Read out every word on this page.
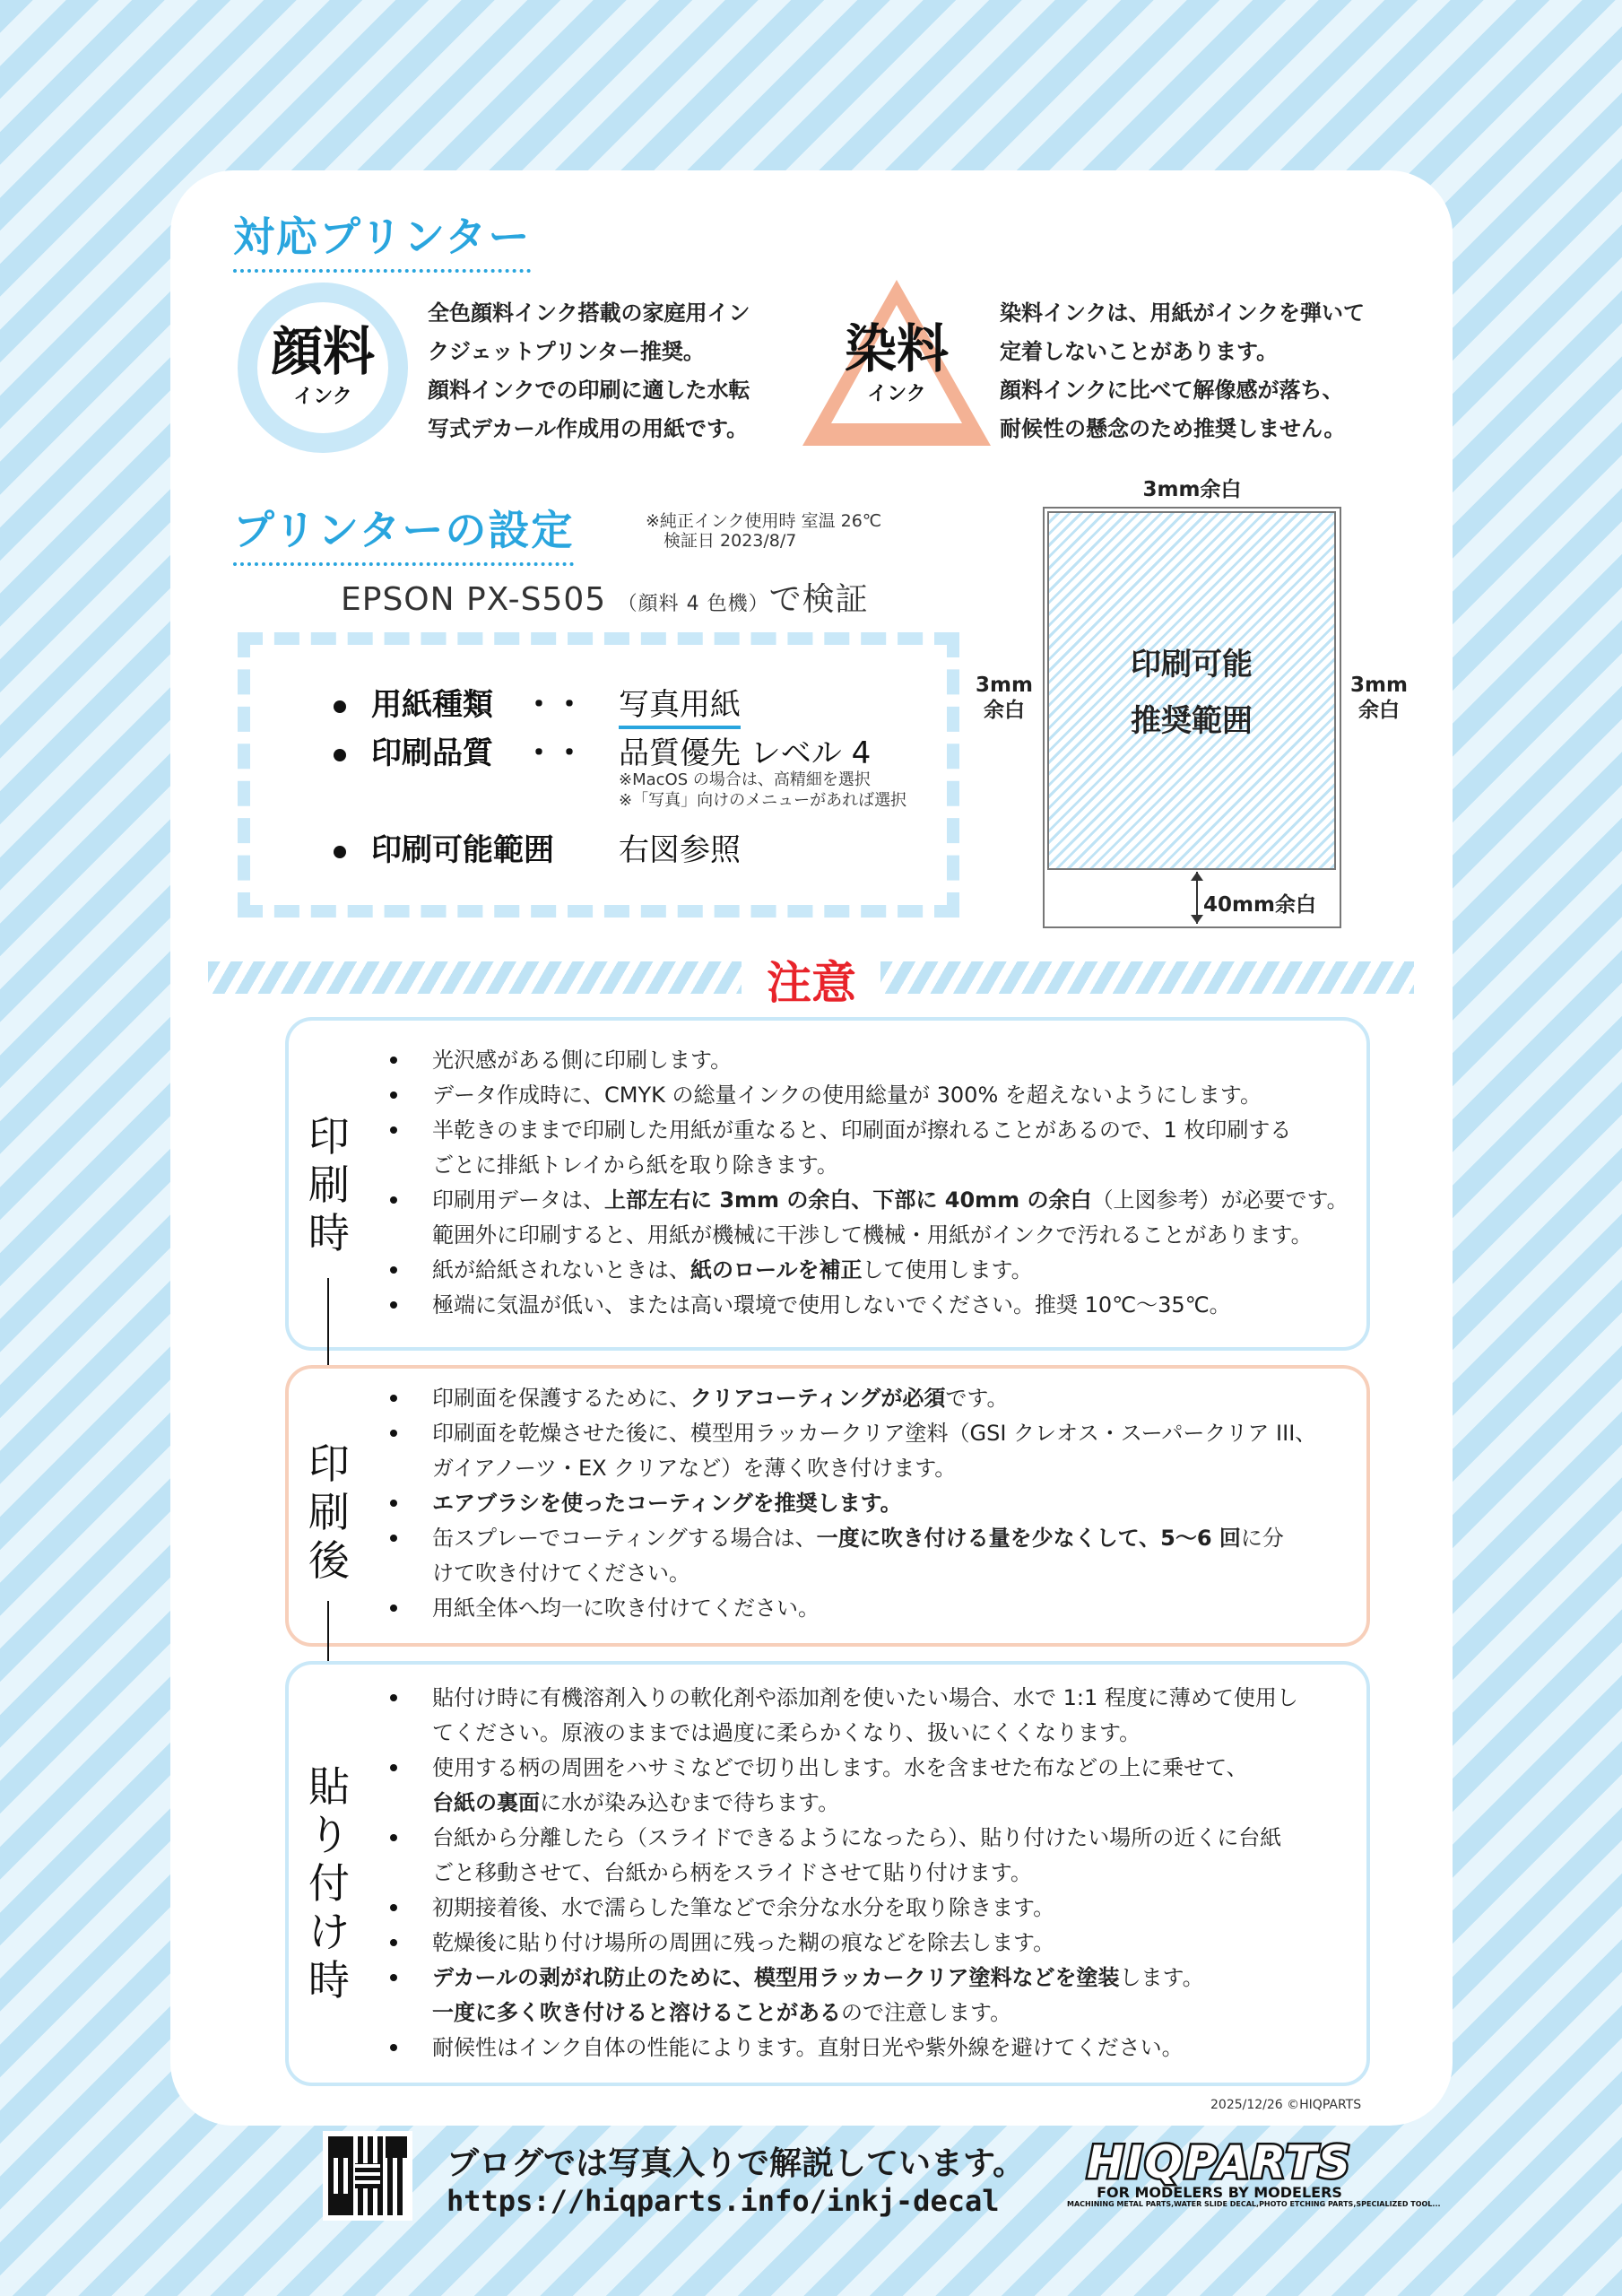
対応プリンター
顔料
インク
全色顔料インク搭載の家庭用イン
クジェットプリンター推奨。
顔料インクでの印刷に適した水転
写式デカール作成用の用紙です。
染料
インク
染料インクは、用紙がインクを弾いて
定着しないことがあります。
顔料インクに比べて解像感が落ち、
耐候性の懸念のため推奨しません。
プリンターの設定	※純正インク使用時 室温 26℃
検証日 2023/8/7
EPSON PX-S505 （顔料 4 色機）で検証
用紙種類　・・ 写真用紙
印刷品質　・・ 品質優先 レベル 4
※MacOS の場合は、高精細を選択
※「写真」向けのメニューがあれば選択
印刷可能範囲 右図参照
3mm余白
印刷可能
推奨範囲
3mm
余白
3mm
余白
40mm余白
注意
印
刷
時
光沢感がある側に印刷します。
データ作成時に、CMYK の総量インクの使用総量が 300% を超えないようにします。
半乾きのままで印刷した用紙が重なると、印刷面が擦れることがあるので、1 枚印刷する
ごとに排紙トレイから紙を取り除きます。
印刷用データは、上部左右に 3mm の余白、下部に 40mm の余白（上図参考）が必要です。
範囲外に印刷すると、用紙が機械に干渉して機械・用紙がインクで汚れることがあります。
紙が給紙されないときは、紙のロールを補正して使用します。
極端に気温が低い、または高い環境で使用しないでください。推奨 10℃～35℃。
印
刷
後
印刷面を保護するために、クリアコーティングが必須です。
印刷面を乾燥させた後に、模型用ラッカークリア塗料（GSI クレオス・スーパークリア III、
ガイアノーツ・EX クリアなど）を薄く吹き付けます。
エアブラシを使ったコーティングを推奨します。
缶スプレーでコーティングする場合は、一度に吹き付ける量を少なくして、5～6 回に分
けて吹き付けてください。
用紙全体へ均一に吹き付けてください。
貼
り
付
け
時
貼付け時に有機溶剤入りの軟化剤や添加剤を使いたい場合、水で 1:1 程度に薄めて使用し
てください。原液のままでは過度に柔らかくなり、扱いにくくなります。
使用する柄の周囲をハサミなどで切り出します。水を含ませた布などの上に乗せて、
台紙の裏面に水が染み込むまで待ちます。
台紙から分離したら（スライドできるようになったら）、貼り付けたい場所の近くに台紙
ごと移動させて、台紙から柄をスライドさせて貼り付けます。
初期接着後、水で濡らした筆などで余分な水分を取り除きます。
乾燥後に貼り付け場所の周囲に残った糊の痕などを除去します。
デカールの剥がれ防止のために、模型用ラッカークリア塗料などを塗装します。
一度に多く吹き付けると溶けることがあるので注意します。
耐候性はインク自体の性能によります。直射日光や紫外線を避けてください。
2025/12/26 ©HIQPARTS
ブログでは写真入りで解説しています。
https://hiqparts.info/inkj-decal
HIQPARTS
FOR MODELERS BY MODELERS
MACHINING METAL PARTS,WATER SLIDE DECAL,PHOTO ETCHING PARTS,SPECIALIZED TOOL...
